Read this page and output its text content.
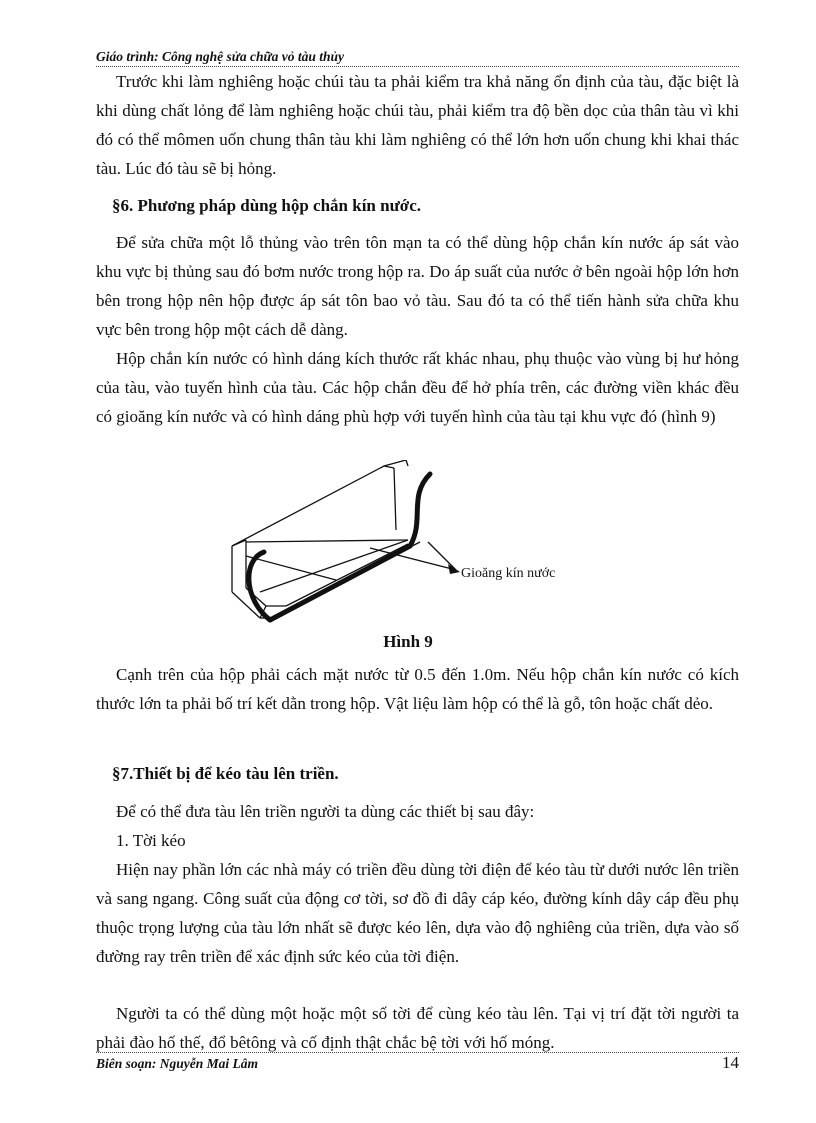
Giáo trình: Công nghệ sửa chữa vỏ tàu thủy

Trước khi làm nghiêng hoặc chúi tàu ta phải kiểm tra khả năng ổn định của tàu, đặc biệt là khi dùng chất lỏng để làm nghiêng hoặc chúi tàu, phải kiểm tra độ bền dọc của thân tàu vì khi đó có thể mômen uốn chung thân tàu khi làm nghiêng có thể lớn hơn uốn chung khi khai thác tàu. Lúc đó tàu sẽ bị hỏng.

§6. Phương pháp dùng hộp chắn kín nước.

Để sửa chữa một lỗ thủng vào trên tôn mạn ta có thể dùng hộp chắn kín nước áp sát vào khu vực bị thủng sau đó bơm nước trong hộp ra. Do áp suất của nước ở bên ngoài hộp lớn hơn bên trong hộp nên hộp được áp sát tôn bao vỏ tàu. Sau đó ta có thể tiến hành sửa chữa khu vực bên trong hộp một cách dễ dàng.

Hộp chắn kín nước có hình dáng kích thước rất khác nhau, phụ thuộc vào vùng bị hư hỏng của tàu, vào tuyến hình của tàu. Các hộp chắn đều để hở phía trên, các đường viền khác đều có gioăng kín nước và có hình dáng phù hợp với tuyến hình của tàu tại khu vực đó (hình 9)

Gioăng kín nước
Hình 9

Cạnh trên của hộp phải cách mặt nước từ 0.5 đến 1.0m. Nếu hộp chắn kín nước có kích thước lớn ta phải bố trí kết dằn trong hộp. Vật liệu làm hộp có thể là gỗ, tôn hoặc chất dẻo.

§7.Thiết bị để kéo tàu lên triền.

Để có thể đưa tàu lên triền người ta dùng các thiết bị sau đây:

1. Tời kéo

Hiện nay phần lớn các nhà máy có triền đều dùng tời điện để kéo tàu từ dưới nước lên triền và sang ngang. Công suất của động cơ tời, sơ đồ đi dây cáp kéo, đường kính dây cáp đều phụ thuộc trọng lượng của tàu lớn nhất sẽ được kéo lên, dựa vào độ nghiêng của triền, dựa vào số đường ray trên triền để xác định sức kéo của tời điện.

Người ta có thể dùng một hoặc một số tời để cùng kéo tàu lên. Tại vị trí đặt tời người ta phải đào hố thế, đổ bêtông và cố định thật chắc bệ tời với hố móng.

Biên soạn: Nguyễn Mai Lâm	14
